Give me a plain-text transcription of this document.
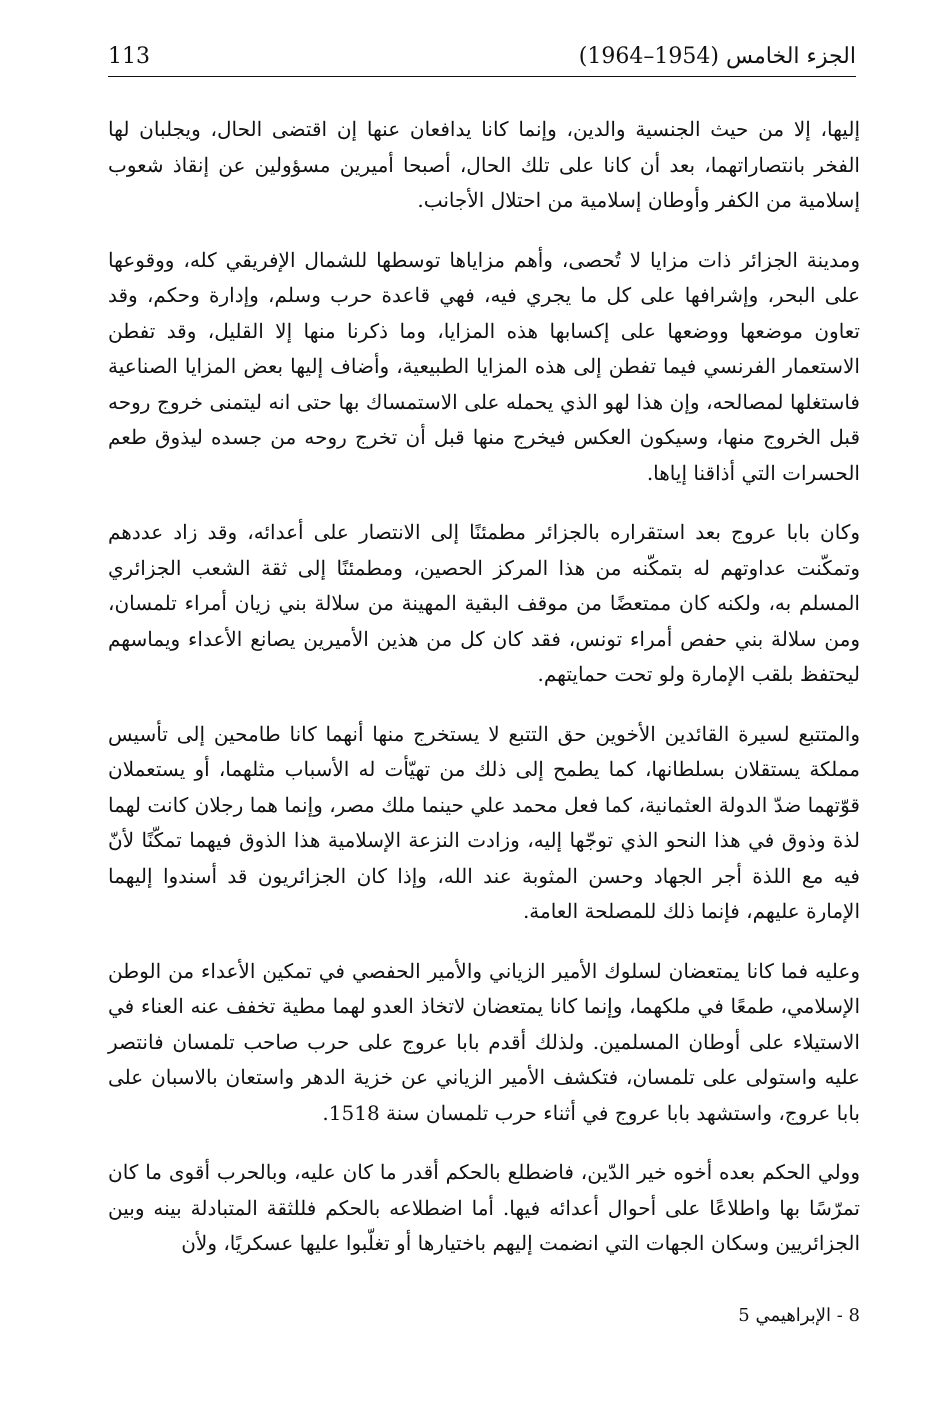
الجزء الخامس (1954–1964)
113

إليها، إلا من حيث الجنسية والدين، وإنما كانا يدافعان عنها إن اقتضى الحال، ويجلبان لها الفخر بانتصاراتهما، بعد أن كانا على تلك الحال، أصبحا أميرين مسؤولين عن إنقاذ شعوب إسلامية من الكفر وأوطان إسلامية من احتلال الأجانب.

ومدينة الجزائر ذات مزايا لا تُحصى، وأهم مزاياها توسطها للشمال الإفريقي كله، ووقوعها على البحر، وإشرافها على كل ما يجري فيه، فهي قاعدة حرب وسلم، وإدارة وحكم، وقد تعاون موضعها ووضعها على إكسابها هذه المزايا، وما ذكرنا منها إلا القليل، وقد تفطن الاستعمار الفرنسي فيما تفطن إلى هذه المزايا الطبيعية، وأضاف إليها بعض المزايا الصناعية فاستغلها لمصالحه، وإن هذا لهو الذي يحمله على الاستمساك بها حتى انه ليتمنى خروج روحه قبل الخروج منها، وسيكون العكس فيخرج منها قبل أن تخرج روحه من جسده ليذوق طعم الحسرات التي أذاقنا إياها.

وكان بابا عروج بعد استقراره بالجزائر مطمئنًا إلى الانتصار على أعدائه، وقد زاد عددهم وتمكّنت عداوتهم له بتمكّنه من هذا المركز الحصين، ومطمئنًا إلى ثقة الشعب الجزائري المسلم به، ولكنه كان ممتعضًا من موقف البقية المهينة من سلالة بني زيان أمراء تلمسان، ومن سلالة بني حفص أمراء تونس، فقد كان كل من هذين الأميرين يصانع الأعداء ويماسهم ليحتفظ بلقب الإمارة ولو تحت حمايتهم.

والمتتبع لسيرة القائدين الأخوين حق التتبع لا يستخرج منها أنهما كانا طامحين إلى تأسيس مملكة يستقلان بسلطانها، كما يطمح إلى ذلك من تهيّأت له الأسباب مثلهما، أو يستعملان قوّتهما ضدّ الدولة العثمانية، كما فعل محمد علي حينما ملك مصر، وإنما هما رجلان كانت لهما لذة وذوق في هذا النحو الذي توجّها إليه، وزادت النزعة الإسلامية هذا الذوق فيهما تمكّنًا لأنّ فيه مع اللذة أجر الجهاد وحسن المثوبة عند الله، وإذا كان الجزائريون قد أسندوا إليهما الإمارة عليهم، فإنما ذلك للمصلحة العامة.

وعليه فما كانا يمتعضان لسلوك الأمير الزياني والأمير الحفصي في تمكين الأعداء من الوطن الإسلامي، طمعًا في ملكهما، وإنما كانا يمتعضان لاتخاذ العدو لهما مطية تخفف عنه العناء في الاستيلاء على أوطان المسلمين. ولذلك أقدم بابا عروج على حرب صاحب تلمسان فانتصر عليه واستولى على تلمسان، فتكشف الأمير الزياني عن خزية الدهر واستعان بالاسبان على بابا عروج، واستشهد بابا عروج في أثناء حرب تلمسان سنة 1518.

وولي الحكم بعده أخوه خير الدّين، فاضطلع بالحكم أقدر ما كان عليه، وبالحرب أقوى ما كان تمرّسًا بها واطلاعًا على أحوال أعدائه فيها. أما اضطلاعه بالحكم فللثقة المتبادلة بينه وبين الجزائريين وسكان الجهات التي انضمت إليهم باختيارها أو تغلّبوا عليها عسكريًا، ولأن

8 - الإبراهيمي 5
